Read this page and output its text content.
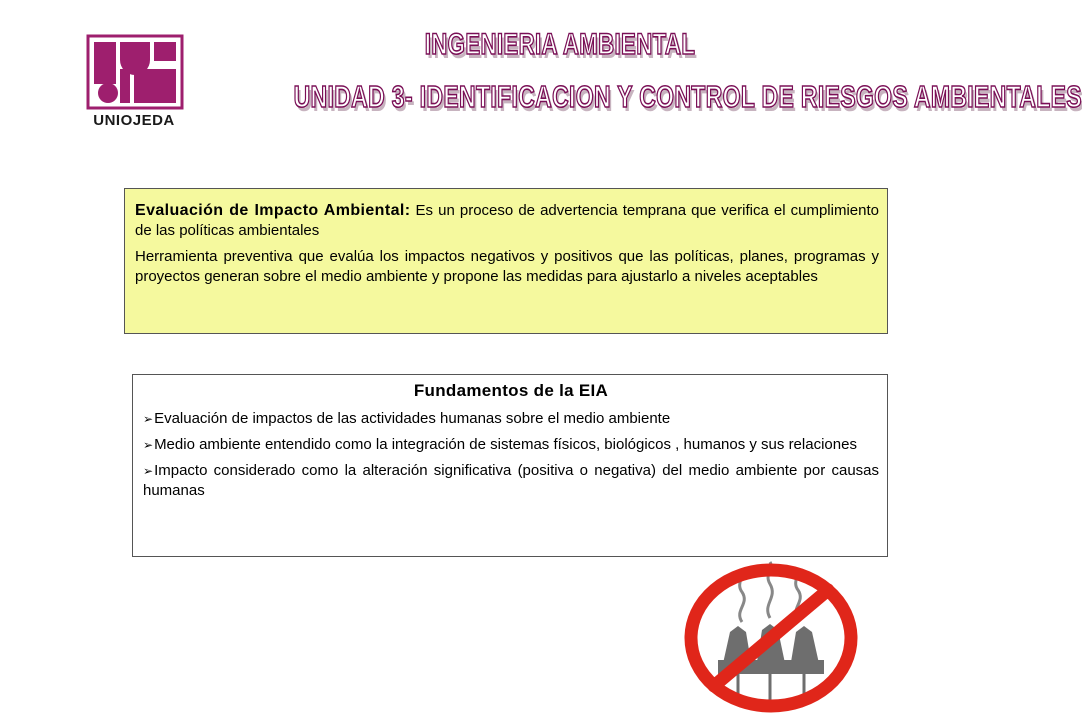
UNIOJEDA
INGENIERIA AMBIENTAL
UNIDAD 3- IDENTIFICACION Y CONTROL DE RIESGOS AMBIENTALES

Evaluación de Impacto Ambiental: Es un proceso de advertencia temprana que verifica el cumplimiento de las políticas ambientales

Herramienta preventiva que evalúa los impactos negativos y positivos que las políticas, planes, programas y proyectos generan sobre el medio ambiente y propone las medidas para ajustarlo a niveles aceptables

Fundamentos de la EIA
➢Evaluación de impactos de las actividades humanas sobre el medio ambiente
➢Medio ambiente entendido como la integración de sistemas físicos, biológicos , humanos y sus relaciones
➢Impacto considerado como la alteración significativa (positiva o negativa) del medio ambiente por causas humanas
